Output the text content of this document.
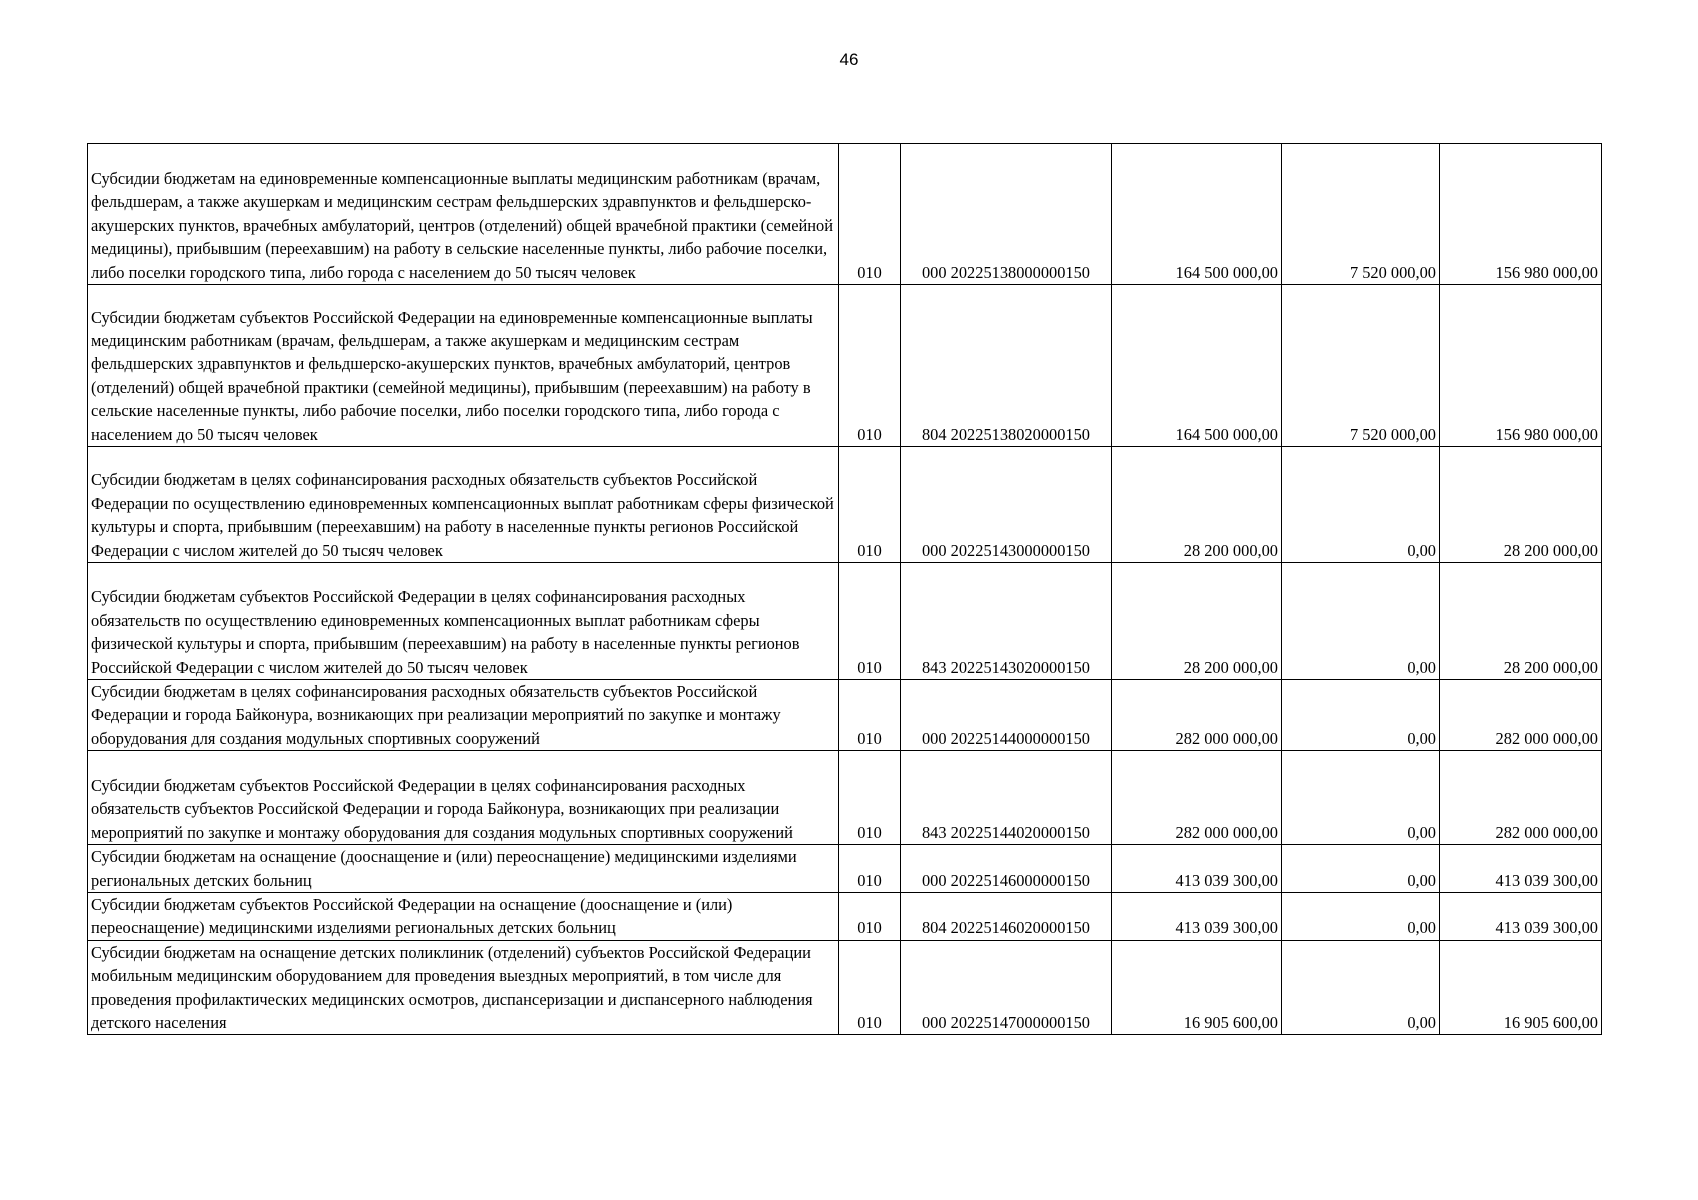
46
Субсидии бюджетам на единовременные компенсационные выплаты медицинским работникам (врачам, фельдшерам, а также акушеркам и медицинским сестрам фельдшерских здравпунктов и фельдшерско-акушерских пунктов, врачебных амбулаторий, центров (отделений) общей врачебной практики (семейной медицины), прибывшим (переехавшим) на работу в сельские населенные пункты, либо рабочие поселки, либо поселки городского типа, либо города с населением до 50 тысяч человек	010	000 20225138000000150	164 500 000,00	7 520 000,00	156 980 000,00
Субсидии бюджетам субъектов Российской Федерации на единовременные компенсационные выплаты медицинским работникам (врачам, фельдшерам, а также акушеркам и медицинским сестрам фельдшерских здравпунктов и фельдшерско-акушерских пунктов, врачебных амбулаторий, центров (отделений) общей врачебной практики (семейной медицины), прибывшим (переехавшим) на работу в сельские населенные пункты, либо рабочие поселки, либо поселки городского типа, либо города с населением до 50 тысяч человек	010	804 20225138020000150	164 500 000,00	7 520 000,00	156 980 000,00
Субсидии бюджетам в целях софинансирования расходных обязательств субъектов Российской Федерации по осуществлению единовременных компенсационных выплат работникам сферы физической культуры и спорта, прибывшим (переехавшим) на работу в населенные пункты регионов Российской Федерации с числом жителей до 50 тысяч человек	010	000 20225143000000150	28 200 000,00	0,00	28 200 000,00
Субсидии бюджетам субъектов Российской Федерации в целях софинансирования расходных обязательств по осуществлению единовременных компенсационных выплат работникам сферы физической культуры и спорта, прибывшим (переехавшим) на работу в населенные пункты регионов Российской Федерации с числом жителей до 50 тысяч человек	010	843 20225143020000150	28 200 000,00	0,00	28 200 000,00
Субсидии бюджетам в целях софинансирования расходных обязательств субъектов Российской Федерации и города Байконура, возникающих при реализации мероприятий по закупке и монтажу оборудования для создания модульных спортивных сооружений	010	000 20225144000000150	282 000 000,00	0,00	282 000 000,00
Субсидии бюджетам субъектов Российской Федерации в целях софинансирования расходных обязательств субъектов Российской Федерации и города Байконура, возникающих при реализации мероприятий по закупке и монтажу оборудования для создания модульных спортивных сооружений	010	843 20225144020000150	282 000 000,00	0,00	282 000 000,00
Субсидии бюджетам на оснащение (дооснащение и (или) переоснащение) медицинскими изделиями региональных детских больниц	010	000 20225146000000150	413 039 300,00	0,00	413 039 300,00
Субсидии бюджетам субъектов Российской Федерации на оснащение (дооснащение и (или) переоснащение) медицинскими изделиями региональных детских больниц	010	804 20225146020000150	413 039 300,00	0,00	413 039 300,00
Субсидии бюджетам на оснащение детских поликлиник (отделений) субъектов Российской Федерации мобильным медицинским оборудованием для проведения выездных мероприятий, в том числе для проведения профилактических медицинских осмотров, диспансеризации и диспансерного наблюдения детского населения	010	000 20225147000000150	16 905 600,00	0,00	16 905 600,00
